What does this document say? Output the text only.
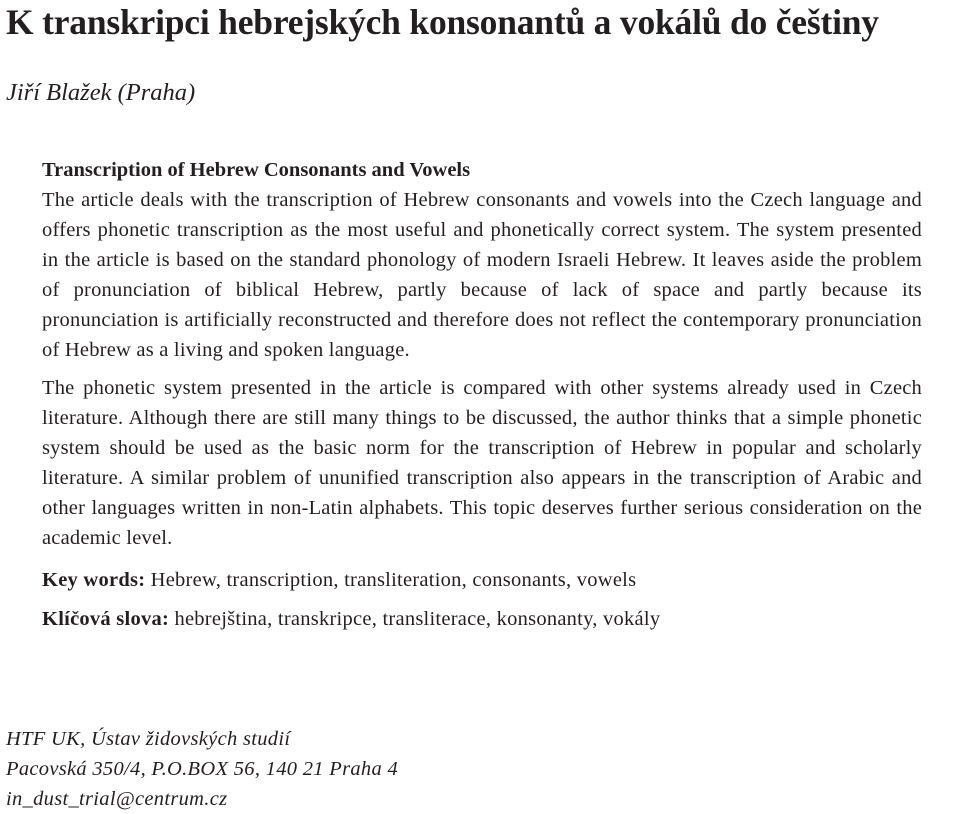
K transkripci hebrejských konsonantů a vokálů do češtiny

Jiří Blažek (Praha)

Transcription of Hebrew Consonants and Vowels

The article deals with the transcription of Hebrew consonants and vowels into the Czech language and offers phonetic transcription as the most useful and phonetically correct system. The system presented in the article is based on the standard phonology of modern Israeli Hebrew. It leaves aside the problem of pronunciation of biblical Hebrew, partly because of lack of space and partly because its pronunciation is artificially reconstructed and therefore does not reflect the contemporary pronunciation of Hebrew as a living and spoken language.

The phonetic system presented in the article is compared with other systems already used in Czech literature. Although there are still many things to be discussed, the author thinks that a simple phonetic system should be used as the basic norm for the transcription of Hebrew in popular and scholarly literature. A similar problem of ununified transcription also appears in the transcription of Arabic and other languages written in non-Latin alphabets. This topic deserves further serious consideration on the academic level.

Key words: Hebrew, transcription, transliteration, consonants, vowels

Klíčová slova: hebrejština, transkripce, transliterace, konsonanty, vokály

HTF UK, Ústav židovských studií
Pacovská 350/4, P.O.BOX 56, 140 21 Praha 4
in_dust_trial@centrum.cz
